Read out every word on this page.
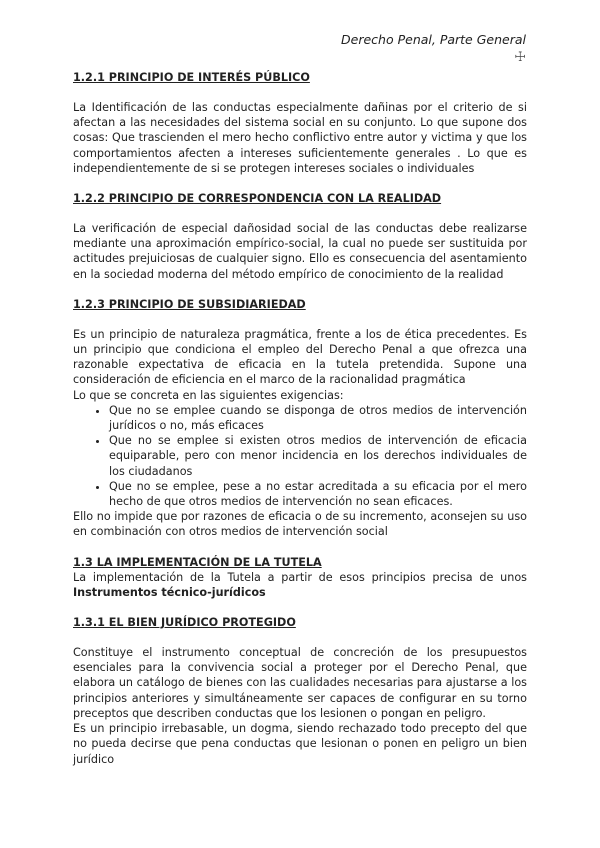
Derecho Penal, Parte General
☩
1.2.1 PRINCIPIO DE INTERÉS PÚBLICO

La Identificación de las conductas especialmente dañinas por el criterio de si afectan a las necesidades del sistema social en su conjunto. Lo que supone dos cosas: Que trascienden el mero hecho conflictivo entre autor y victima y que los comportamientos afecten a intereses suficientemente generales . Lo que es independientemente de si se protegen intereses sociales o individuales

1.2.2 PRINCIPIO DE CORRESPONDENCIA CON LA REALIDAD

La verificación de especial dañosidad social de las conductas debe realizarse mediante una aproximación empírico-social, la cual no puede ser sustituida por actitudes prejuiciosas de cualquier signo. Ello es consecuencia del asentamiento en la sociedad moderna del método empírico de conocimiento de la realidad

1.2.3 PRINCIPIO DE SUBSIDIARIEDAD

Es un principio de naturaleza pragmática, frente a los de ética precedentes. Es un principio que condiciona el empleo del Derecho Penal a que ofrezca una razonable expectativa de eficacia en la tutela pretendida. Supone una consideración de eficiencia en el marco de la racionalidad pragmática

Lo que se concreta en las siguientes exigencias:

• Que no se emplee cuando se disponga de otros medios de intervención jurídicos o no, más eficaces
• Que no se emplee si existen otros medios de intervención de eficacia equiparable, pero con menor incidencia en los derechos individuales de los ciudadanos
• Que no se emplee, pese a no estar acreditada a su eficacia por el mero hecho de que otros medios de intervención no sean eficaces.

Ello no impide que por razones de eficacia o de su incremento, aconsejen su uso en combinación con otros medios de intervención social

1.3 LA IMPLEMENTACIÓN DE LA TUTELA

La implementación de la Tutela a partir de esos principios precisa de unos Instrumentos técnico-jurídicos

1.3.1 EL BIEN JURÍDICO PROTEGIDO

Constituye el instrumento conceptual de concreción de los presupuestos esenciales para la convivencia social a proteger por el Derecho Penal, que elabora un catálogo de bienes con las cualidades necesarias para ajustarse a los principios anteriores y simultáneamente ser capaces de configurar en su torno preceptos que describen conductas que los lesionen o pongan en peligro.

Es un principio irrebasable, un dogma, siendo rechazado todo precepto del que no pueda decirse que pena conductas que lesionan o ponen en peligro un bien jurídico
